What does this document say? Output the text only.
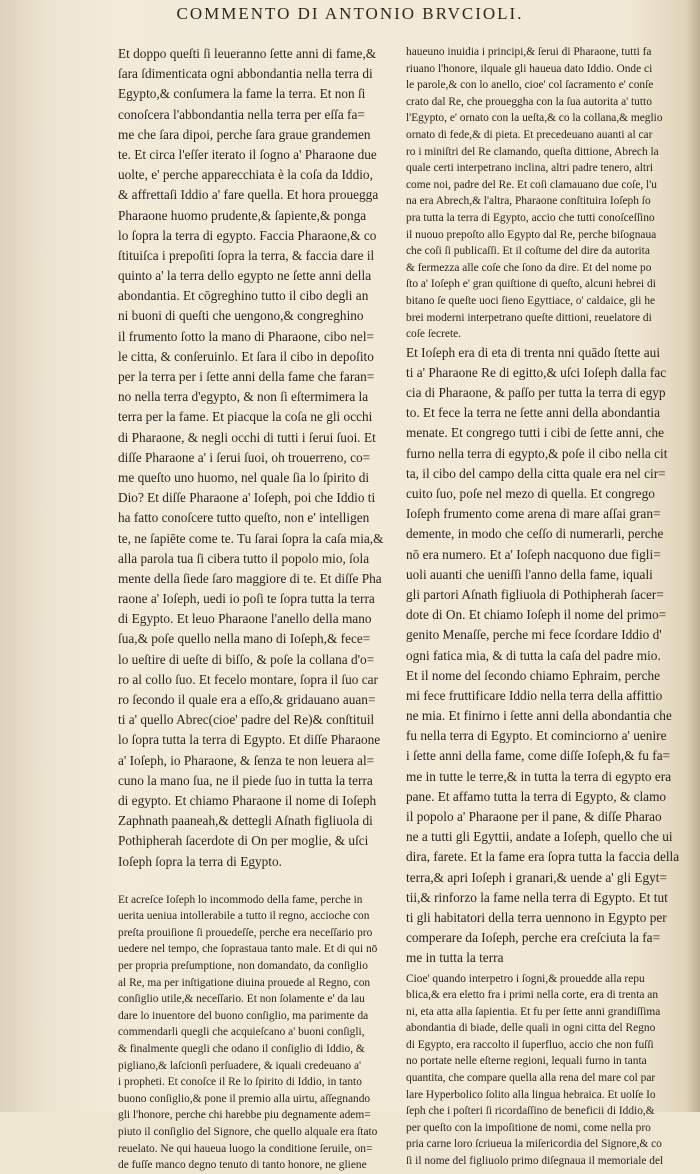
COMMENTO DI ANTONIO BRVCIOLI.
Et doppo queſti ſi leueranno ſette anni di fame,&
ſara ſdimenticata ogni abbondantia nella terra di
Egypto,& conſumera la fame la terra. Et non ſi
conoſcera l'abbondantia nella terra per eſſa fa=
me che ſara dipoi, perche ſara graue grandemen
te. Et circa l'eſſer iterato il ſogno a' Pharaone due
uolte, e' perche apparecchiata è la coſa da Iddio,
& affrettaſi Iddio a' fare quella. Et hora prouegga
Pharaone huomo prudente,& ſapiente,& ponga
lo ſopra la terra di egypto. Faccia Pharaone,& co
ſtituiſca i prepoſiti ſopra la terra, & faccia dare il
quinto a' la terra dello egypto ne ſette anni della
abondantia. Et cōgreghino tutto il cibo degli an
ni buoni di queſti che uengono,& congreghino
il frumento ſotto la mano di Pharaone, cibo nel=
le citta, & conſeruinlo. Et ſara il cibo in depoſito
per la terra per i ſette anni della fame che faran=
no nella terra d'egypto, & non ſi eſtermimera la
terra per la fame. Et piacque la coſa ne gli occhi
di Pharaone, & negli occhi di tutti i ſerui ſuoi. Et
diſſe Pharaone a' i ſerui ſuoi, oh trouerreno, co=
me queſto uno huomo, nel quale ſia lo ſpirito di
Dio? Et diſſe Pharaone a' Ioſeph, poi che Iddio ti
ha fatto conoſcere tutto queſto, non e' intelligen
te, ne ſapiēte come te. Tu ſarai ſopra la caſa mia,&
alla parola tua ſi cibera tutto il popolo mio, ſola
mente della ſiede ſaro maggiore di te. Et diſſe Pha
raone a' Ioſeph, uedi io poſi te ſopra tutta la terra
di Egypto. Et leuo Pharaone l'anello della mano
ſua,& poſe quello nella mano di Ioſeph,& fece=
lo ueſtire di ueſte di biſſo, & poſe la collana d'o=
ro al collo ſuo. Et fecelo montare, ſopra il ſuo car
ro ſecondo il quale era a eſſo,& gridauano auan=
ti a' quello Abrec(cioe' padre del Re)& conſtituil
lo ſopra tutta la terra di Egypto. Et diſſe Pharaone
a' Ioſeph, io Pharaone, & ſenza te non leuera al=
cuno la mano ſua, ne il piede ſuo in tutta la terra
di egypto. Et chiamo Pharaone il nome di Ioſeph
Zaphnath paaneah,& dettegli Aſnath figliuola di
Pothipherah ſacerdote di On per moglie, & uſci
Ioſeph ſopra la terra di Egypto.
Et acreſce Ioſeph lo incommodo della fame, perche in
uerita ueniua intollerabile a tutto il regno, accioche con
preſta prouiſione ſi prouedeſſe, perche era neceſſario pro
uedere nel tempo, che ſoprastaua tanto male. Et di qui nō
per propria preſumptione, non domandato, da conſiglio
al Re, ma per inſtigatione diuina prouede al Regno, con
conſiglio utile,& neceſſario. Et non ſolamente e' da lau
dare lo inuentore del buono conſiglio, ma parimente da
commendarli quegli che acquieſcano a' buoni conſigli,
& finalmente quegli che odano il conſiglio di Iddio, &
pigliano,& laſcionſi perſuadere, & iquali credeuano a'
i propheti. Et conoſce il Re lo ſpirito di Iddio, in tanto
buono conſiglio,& pone il premio alla uirtu, aſſegnando
gli l'honore, perche chi harebbe piu degnamente adem=
piuto il conſiglio del Signore, che quello alquale era ſtato
reuelato. Ne qui haueua luogo la conditione ſeruile, on=
de fuſſe manco degno tenuto di tanto honore, ne gliene
haueuno inuidia i principi,& ſerui di Pharaone, tutti fa
riuano l'honore, ilquale gli haueua dato Iddio. Onde ci
le parole,& con lo anello, cioe' col ſacramento e' conſe
crato dal Re, che proueggha con la ſua autorita a' tutto
l'Egypto, e' ornato con la ueſta,& co la collana,& meglio
ornato di fede,& di pieta. Et precedeuano auanti al car
ro i miniſtri del Re clamando, queſta dittione, Abrech la
quale certi interpetrano inclina, altri padre tenero, altri
come noi, padre del Re. Et coſi clamauano due coſe, l'u
na era Abrech,& l'altra, Pharaone conſtituira Ioſeph ſo
pra tutta la terra di Egypto, accio che tutti conoſceſſino
il nuouo prepoſto allo Egypto dal Re, perche biſognaua
che coſi ſi publicaſſi. Et il coſtume del dire da autorita
& fermezza alle coſe che ſono da dire. Et del nome po
ſto a' Ioſeph e' gran quiſtione di queſto, alcuni hebrei di
bitano ſe queſte uoci ſieno Egyttiace, o' caldaice, gli he
brei moderni interpetrano queſte dittioni, reuelatore di
coſe ſecrete.
Et Ioſeph era di eta di trenta nni quādo ſtette aui
ti a' Pharaone Re di egitto,& uſci Ioſeph dalla fac
cia di Pharaone, & paſſo per tutta la terra di egyp
to. Et fece la terra ne ſette anni della abondantia
menate. Et congrego tutti i cibi de ſette anni, che
furno nella terra di egypto,& poſe il cibo nella cit
ta, il cibo del campo della citta quale era nel cir=
cuito ſuo, poſe nel mezo di quella. Et congrego
Ioſeph frumento come arena di mare aſſai gran=
demente, in modo che ceſſo di numerarli, perche
nō era numero. Et a' Ioſeph nacquono due figli=
uoli auanti che ueniſſi l'anno della fame, iquali
gli partori Aſnath figliuola di Pothipherah ſacer=
dote di On. Et chiamo Ioſeph il nome del primo=
genito Menaſſe, perche mi fece ſcordare Iddio d'
ogni fatica mia, & di tutta la caſa del padre mio.
Et il nome del ſecondo chiamo Ephraim, perche
mi fece fruttificare Iddio nella terra della affittio
ne mia. Et finirno i ſette anni della abondantia che
fu nella terra di Egypto. Et cominciorno a' uenire
i ſette anni della fame, come diſſe Ioſeph,& fu fa=
me in tutte le terre,& in tutta la terra di egypto era
pane. Et affamo tutta la terra di Egypto, & clamo
il popolo a' Pharaone per il pane, & diſſe Pharao
ne a tutti gli Egyttii, andate a Ioſeph, quello che ui
dira, farete. Et la fame era ſopra tutta la faccia della
terra,& apri Ioſeph i granari,& uende a' gli Egyt=
tii,& rinforzo la fame nella terra di Egypto. Et tut
ti gli habitatori della terra uennono in Egypto per
comperare da Ioſeph, perche era creſciuta la fa=
me in tutta la terra
Cioe' quando interpetro i ſogni,& prouedde alla repu
blica,& era eletto fra i primi nella corte, era di trenta an
ni, eta atta alla ſapientia. Et fu per ſette anni grandiſſima
abondantia di biade, delle quali in ogni citta del Regno
di Egypto, era raccolto il ſuperfluo, accio che non fuſſi
no portate nelle eſterne regioni, lequali furno in tanta
quantita, che compare quella alla rena del mare col par
lare Hyperbolico ſolito alla lingua hebraica. Et uolſe Io
ſeph che i poſteri ſi ricordaſſino de beneficii di Iddio,&
per queſto con la impoſitione de nomi, come nella pro
pria carne loro ſcriueua la miſericordia del Signore,& co
ſi il nome del figliuolo primo diſegnaua il memoriale del
